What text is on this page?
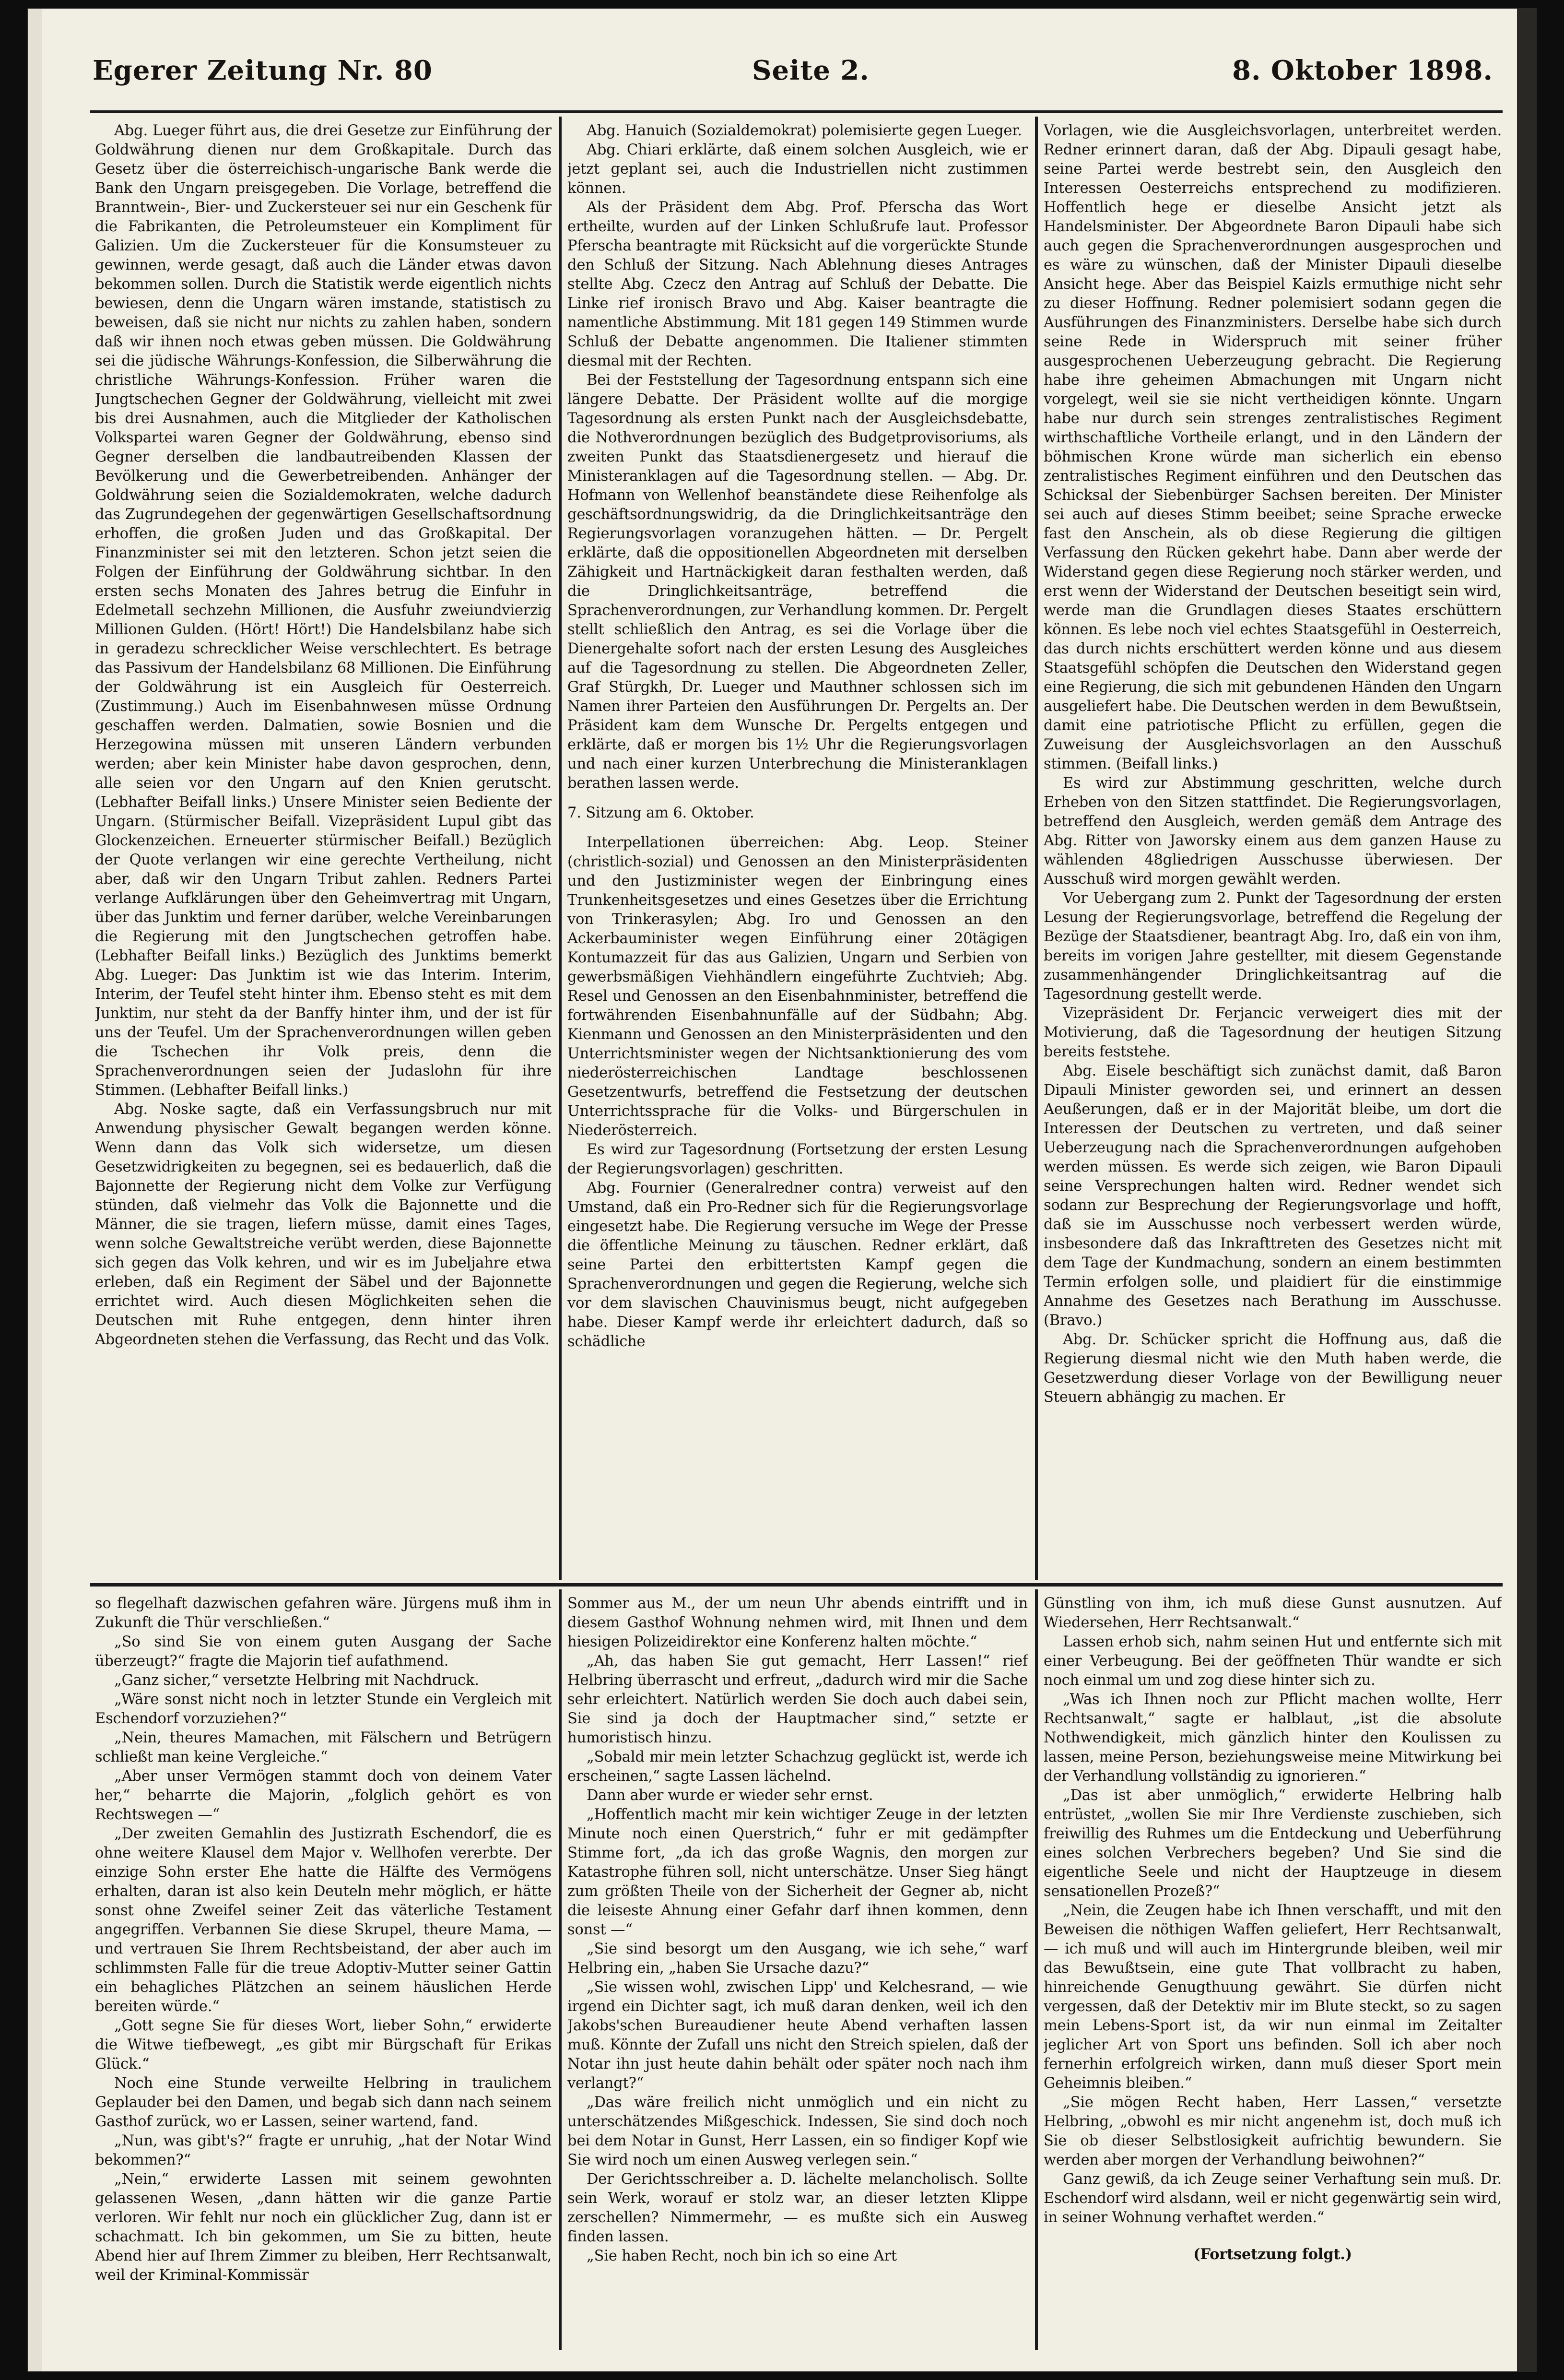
Egerer Zeitung Nr. 80	Seite 2.	8. Oktober 1898.

Abg. Lueger führt aus, die drei Gesetze zur Einführung der Goldwährung dienen nur dem Großkapitale. Durch das Gesetz über die österreichisch-ungarische Bank werde die Bank den Ungarn preisgegeben. Die Vorlage, betreffend die Branntwein-, Bier- und Zuckersteuer sei nur ein Geschenk für die Fabrikanten, die Petroleumsteuer ein Kompliment für Galizien. Um die Zuckersteuer für die Konsumsteuer zu gewinnen, werde gesagt, daß auch die Länder etwas davon bekommen sollen. Durch die Statistik werde eigentlich nichts bewiesen, denn die Ungarn wären imstande, statistisch zu beweisen, daß sie nicht nur nichts zu zahlen haben, sondern daß wir ihnen noch etwas geben müssen. Die Goldwährung sei die jüdische Währungs-Konfession, die Silberwährung die christliche Währungs-Konfession. Früher waren die Jungtschechen Gegner der Goldwährung, vielleicht mit zwei bis drei Ausnahmen, auch die Mitglieder der Katholischen Volkspartei waren Gegner der Goldwährung, ebenso sind Gegner derselben die landbautreibenden Klassen der Bevölkerung und die Gewerbetreibenden. Anhänger der Goldwährung seien die Sozialdemokraten, welche dadurch das Zugrundegehen der gegenwärtigen Gesellschaftsordnung erhoffen, die großen Juden und das Großkapital. Der Finanzminister sei mit den letzteren. Schon jetzt seien die Folgen der Einführung der Goldwährung sichtbar. In den ersten sechs Monaten des Jahres betrug die Einfuhr in Edelmetall sechzehn Millionen, die Ausfuhr zweiundvierzig Millionen Gulden. (Hört! Hört!) Die Handelsbilanz habe sich in geradezu schrecklicher Weise verschlechtert. Es betrage das Passivum der Handelsbilanz 68 Millionen. Die Einführung der Goldwährung ist ein Ausgleich für Oesterreich. (Zustimmung.) Auch im Eisenbahnwesen müsse Ordnung geschaffen werden. Dalmatien, sowie Bosnien und die Herzegowina müssen mit unseren Ländern verbunden werden; aber kein Minister habe davon gesprochen, denn, alle seien vor den Ungarn auf den Knien gerutscht. (Lebhafter Beifall links.) Unsere Minister seien Bediente der Ungarn. (Stürmischer Beifall. Vizepräsident Lupul gibt das Glockenzeichen. Erneuerter stürmischer Beifall.) Bezüglich der Quote verlangen wir eine gerechte Vertheilung, nicht aber, daß wir den Ungarn Tribut zahlen. Redners Partei verlange Aufklärungen über den Geheimvertrag mit Ungarn, über das Junktim und ferner darüber, welche Vereinbarungen die Regierung mit den Jungtschechen getroffen habe. (Lebhafter Beifall links.) Bezüglich des Junktims bemerkt Abg. Lueger: Das Junktim ist wie das Interim. Interim, Interim, der Teufel steht hinter ihm. Ebenso steht es mit dem Junktim, nur steht da der Banffy hinter ihm, und der ist für uns der Teufel. Um der Sprachenverordnungen willen geben die Tschechen ihr Volk preis, denn die Sprachenverordnungen seien der Judaslohn für ihre Stimmen. (Lebhafter Beifall links.)

Abg. Noske sagte, daß ein Verfassungsbruch nur mit Anwendung physischer Gewalt begangen werden könne. Wenn dann das Volk sich widersetze, um diesen Gesetzwidrigkeiten zu begegnen, sei es bedauerlich, daß die Bajonnette der Regierung nicht dem Volke zur Verfügung stünden, daß vielmehr das Volk die Bajonnette und die Männer, die sie tragen, liefern müsse, damit eines Tages, wenn solche Gewaltstreiche verübt werden, diese Bajonnette sich gegen das Volk kehren, und wir es im Jubeljahre etwa erleben, daß ein Regiment der Säbel und der Bajonnette errichtet wird. Auch diesen Möglichkeiten sehen die Deutschen mit Ruhe entgegen, denn hinter ihren Abgeordneten stehen die Verfassung, das Recht und das Volk.

Abg. Hanuich (Sozialdemokrat) polemisierte gegen Lueger.

Abg. Chiari erklärte, daß einem solchen Ausgleich, wie er jetzt geplant sei, auch die Industriellen nicht zustimmen können.

Als der Präsident dem Abg. Prof. Pferscha das Wort ertheilte, wurden auf der Linken Schlußrufe laut. Professor Pferscha beantragte mit Rücksicht auf die vorgerückte Stunde den Schluß der Sitzung. Nach Ablehnung dieses Antrages stellte Abg. Czecz den Antrag auf Schluß der Debatte. Die Linke rief ironisch Bravo und Abg. Kaiser beantragte die namentliche Abstimmung. Mit 181 gegen 149 Stimmen wurde Schluß der Debatte angenommen. Die Italiener stimmten diesmal mit der Rechten.

Bei der Feststellung der Tagesordnung entspann sich eine längere Debatte. Der Präsident wollte auf die morgige Tagesordnung als ersten Punkt nach der Ausgleichsdebatte, die Nothverordnungen bezüglich des Budgetprovisoriums, als zweiten Punkt das Staatsdienergesetz und hierauf die Ministeranklagen auf die Tagesordnung stellen. — Abg. Dr. Hofmann von Wellenhof beanständete diese Reihenfolge als geschäftsordnungswidrig, da die Dringlichkeitsanträge den Regierungsvorlagen voranzugehen hätten. — Dr. Pergelt erklärte, daß die oppositionellen Abgeordneten mit derselben Zähigkeit und Hartnäckigkeit daran festhalten werden, daß die Dringlichkeitsanträge, betreffend die Sprachenverordnungen, zur Verhandlung kommen. Dr. Pergelt stellt schließlich den Antrag, es sei die Vorlage über die Dienergehalte sofort nach der ersten Lesung des Ausgleiches auf die Tagesordnung zu stellen. Die Abgeordneten Zeller, Graf Stürgkh, Dr. Lueger und Mauthner schlossen sich im Namen ihrer Parteien den Ausführungen Dr. Pergelts an. Der Präsident kam dem Wunsche Dr. Pergelts entgegen und erklärte, daß er morgen bis 1½ Uhr die Regierungsvorlagen und nach einer kurzen Unterbrechung die Ministeranklagen berathen lassen werde.

7. Sitzung am 6. Oktober.

Interpellationen überreichen: Abg. Leop. Steiner (christlich-sozial) und Genossen an den Ministerpräsidenten und den Justizminister wegen der Einbringung eines Trunkenheitsgesetzes und eines Gesetzes über die Errichtung von Trinkerasylen; Abg. Iro und Genossen an den Ackerbauminister wegen Einführung einer 20tägigen Kontumazzeit für das aus Galizien, Ungarn und Serbien von gewerbsmäßigen Viehhändlern eingeführte Zuchtvieh; Abg. Resel und Genossen an den Eisenbahnminister, betreffend die fortwährenden Eisenbahnunfälle auf der Südbahn; Abg. Kienmann und Genossen an den Ministerpräsidenten und den Unterrichtsminister wegen der Nichtsanktionierung des vom niederösterreichischen Landtage beschlossenen Gesetzentwurfs, betreffend die Festsetzung der deutschen Unterrichtssprache für die Volks- und Bürgerschulen in Niederösterreich.

Es wird zur Tagesordnung (Fortsetzung der ersten Lesung der Regierungsvorlagen) geschritten.

Abg. Fournier (Generalredner contra) verweist auf den Umstand, daß ein Pro-Redner sich für die Regierungsvorlage eingesetzt habe. Die Regierung versuche im Wege der Presse die öffentliche Meinung zu täuschen. Redner erklärt, daß seine Partei den erbittertsten Kampf gegen die Sprachenverordnungen und gegen die Regierung, welche sich vor dem slavischen Chauvinismus beugt, nicht aufgegeben habe. Dieser Kampf werde ihr erleichtert dadurch, daß so schädliche

Vorlagen, wie die Ausgleichsvorlagen, unterbreitet werden. Redner erinnert daran, daß der Abg. Dipauli gesagt habe, seine Partei werde bestrebt sein, den Ausgleich den Interessen Oesterreichs entsprechend zu modifizieren. Hoffentlich hege er dieselbe Ansicht jetzt als Handelsminister. Der Abgeordnete Baron Dipauli habe sich auch gegen die Sprachenverordnungen ausgesprochen und es wäre zu wünschen, daß der Minister Dipauli dieselbe Ansicht hege. Aber das Beispiel Kaizls ermuthige nicht sehr zu dieser Hoffnung. Redner polemisiert sodann gegen die Ausführungen des Finanzministers. Derselbe habe sich durch seine Rede in Widerspruch mit seiner früher ausgesprochenen Ueberzeugung gebracht. Die Regierung habe ihre geheimen Abmachungen mit Ungarn nicht vorgelegt, weil sie sie nicht vertheidigen könnte. Ungarn habe nur durch sein strenges zentralistisches Regiment wirthschaftliche Vortheile erlangt, und in den Ländern der böhmischen Krone würde man sicherlich ein ebenso zentralistisches Regiment einführen und den Deutschen das Schicksal der Siebenbürger Sachsen bereiten. Der Minister sei auch auf dieses Stimm beeibet; seine Sprache erwecke fast den Anschein, als ob diese Regierung die giltigen Verfassung den Rücken gekehrt habe. Dann aber werde der Widerstand gegen diese Regierung noch stärker werden, und erst wenn der Widerstand der Deutschen beseitigt sein wird, werde man die Grundlagen dieses Staates erschüttern können. Es lebe noch viel echtes Staatsgefühl in Oesterreich, das durch nichts erschüttert werden könne und aus diesem Staatsgefühl schöpfen die Deutschen den Widerstand gegen eine Regierung, die sich mit gebundenen Händen den Ungarn ausgeliefert habe. Die Deutschen werden in dem Bewußtsein, damit eine patriotische Pflicht zu erfüllen, gegen die Zuweisung der Ausgleichsvorlagen an den Ausschuß stimmen. (Beifall links.)

Es wird zur Abstimmung geschritten, welche durch Erheben von den Sitzen stattfindet. Die Regierungsvorlagen, betreffend den Ausgleich, werden gemäß dem Antrage des Abg. Ritter von Jaworsky einem aus dem ganzen Hause zu wählenden 48gliedrigen Ausschusse überwiesen. Der Ausschuß wird morgen gewählt werden.

Vor Uebergang zum 2. Punkt der Tagesordnung der ersten Lesung der Regierungsvorlage, betreffend die Regelung der Bezüge der Staatsdiener, beantragt Abg. Iro, daß ein von ihm, bereits im vorigen Jahre gestellter, mit diesem Gegenstande zusammenhängender Dringlichkeitsantrag auf die Tagesordnung gestellt werde.

Vizepräsident Dr. Ferjancic verweigert dies mit der Motivierung, daß die Tagesordnung der heutigen Sitzung bereits feststehe.

Abg. Eisele beschäftigt sich zunächst damit, daß Baron Dipauli Minister geworden sei, und erinnert an dessen Aeußerungen, daß er in der Majorität bleibe, um dort die Interessen der Deutschen zu vertreten, und daß seiner Ueberzeugung nach die Sprachenverordnungen aufgehoben werden müssen. Es werde sich zeigen, wie Baron Dipauli seine Versprechungen halten wird. Redner wendet sich sodann zur Besprechung der Regierungsvorlage und hofft, daß sie im Ausschusse noch verbessert werden würde, insbesondere daß das Inkrafttreten des Gesetzes nicht mit dem Tage der Kundmachung, sondern an einem bestimmten Termin erfolgen solle, und plaidiert für die einstimmige Annahme des Gesetzes nach Berathung im Ausschusse. (Bravo.)

Abg. Dr. Schücker spricht die Hoffnung aus, daß die Regierung diesmal nicht wie den Muth haben werde, die Gesetzwerdung dieser Vorlage von der Bewilligung neuer Steuern abhängig zu machen. Er

so flegelhaft dazwischen gefahren wäre. Jürgens muß ihm in Zukunft die Thür verschließen.“

„So sind Sie von einem guten Ausgang der Sache überzeugt?“ fragte die Majorin tief aufathmend.

„Ganz sicher,“ versetzte Helbring mit Nachdruck.

„Wäre sonst nicht noch in letzter Stunde ein Vergleich mit Eschendorf vorzuziehen?“

„Nein, theures Mamachen, mit Fälschern und Betrügern schließt man keine Vergleiche.“

„Aber unser Vermögen stammt doch von deinem Vater her,“ beharrte die Majorin, „folglich gehört es von Rechtswegen —“

„Der zweiten Gemahlin des Justizrath Eschendorf, die es ohne weitere Klausel dem Major v. Wellhofen vererbte. Der einzige Sohn erster Ehe hatte die Hälfte des Vermögens erhalten, daran ist also kein Deuteln mehr möglich, er hätte sonst ohne Zweifel seiner Zeit das väterliche Testament angegriffen. Verbannen Sie diese Skrupel, theure Mama, — und vertrauen Sie Ihrem Rechtsbeistand, der aber auch im schlimmsten Falle für die treue Adoptiv-Mutter seiner Gattin ein behagliches Plätzchen an seinem häuslichen Herde bereiten würde.“

„Gott segne Sie für dieses Wort, lieber Sohn,“ erwiderte die Witwe tiefbewegt, „es gibt mir Bürgschaft für Erikas Glück.“

Noch eine Stunde verweilte Helbring in traulichem Geplauder bei den Damen, und begab sich dann nach seinem Gasthof zurück, wo er Lassen, seiner wartend, fand.

„Nun, was gibt's?“ fragte er unruhig, „hat der Notar Wind bekommen?“

„Nein,“ erwiderte Lassen mit seinem gewohnten gelassenen Wesen, „dann hätten wir die ganze Partie verloren. Wir fehlt nur noch ein glücklicher Zug, dann ist er schachmatt. Ich bin gekommen, um Sie zu bitten, heute Abend hier auf Ihrem Zimmer zu bleiben, Herr Rechtsanwalt, weil der Kriminal-Kommissär

Sommer aus M., der um neun Uhr abends eintrifft und in diesem Gasthof Wohnung nehmen wird, mit Ihnen und dem hiesigen Polizeidirektor eine Konferenz halten möchte.“

„Ah, das haben Sie gut gemacht, Herr Lassen!“ rief Helbring überrascht und erfreut, „dadurch wird mir die Sache sehr erleichtert. Natürlich werden Sie doch auch dabei sein, Sie sind ja doch der Hauptmacher sind,“ setzte er humoristisch hinzu.

„Sobald mir mein letzter Schachzug geglückt ist, werde ich erscheinen,“ sagte Lassen lächelnd.

Dann aber wurde er wieder sehr ernst.

„Hoffentlich macht mir kein wichtiger Zeuge in der letzten Minute noch einen Querstrich,“ fuhr er mit gedämpfter Stimme fort, „da ich das große Wagnis, den morgen zur Katastrophe führen soll, nicht unterschätze. Unser Sieg hängt zum größten Theile von der Sicherheit der Gegner ab, nicht die leiseste Ahnung einer Gefahr darf ihnen kommen, denn sonst —“

„Sie sind besorgt um den Ausgang, wie ich sehe,“ warf Helbring ein, „haben Sie Ursache dazu?“

„Sie wissen wohl, zwischen Lipp' und Kelchesrand, — wie irgend ein Dichter sagt, ich muß daran denken, weil ich den Jakobs'schen Bureaudiener heute Abend verhaften lassen muß. Könnte der Zufall uns nicht den Streich spielen, daß der Notar ihn just heute dahin behält oder später noch nach ihm verlangt?“

„Das wäre freilich nicht unmöglich und ein nicht zu unterschätzendes Mißgeschick. Indessen, Sie sind doch noch bei dem Notar in Gunst, Herr Lassen, ein so findiger Kopf wie Sie wird noch um einen Ausweg verlegen sein.“

Der Gerichtsschreiber a. D. lächelte melancholisch. Sollte sein Werk, worauf er stolz war, an dieser letzten Klippe zerschellen? Nimmermehr, — es mußte sich ein Ausweg finden lassen.

„Sie haben Recht, noch bin ich so eine Art

Günstling von ihm, ich muß diese Gunst ausnutzen. Auf Wiedersehen, Herr Rechtsanwalt.“

Lassen erhob sich, nahm seinen Hut und entfernte sich mit einer Verbeugung. Bei der geöffneten Thür wandte er sich noch einmal um und zog diese hinter sich zu.

„Was ich Ihnen noch zur Pflicht machen wollte, Herr Rechtsanwalt,“ sagte er halblaut, „ist die absolute Nothwendigkeit, mich gänzlich hinter den Koulissen zu lassen, meine Person, beziehungsweise meine Mitwirkung bei der Verhandlung vollständig zu ignorieren.“

„Das ist aber unmöglich,“ erwiderte Helbring halb entrüstet, „wollen Sie mir Ihre Verdienste zuschieben, sich freiwillig des Ruhmes um die Entdeckung und Ueberführung eines solchen Verbrechers begeben? Und Sie sind die eigentliche Seele und nicht der Hauptzeuge in diesem sensationellen Prozeß?“

„Nein, die Zeugen habe ich Ihnen verschafft, und mit den Beweisen die nöthigen Waffen geliefert, Herr Rechtsanwalt, — ich muß und will auch im Hintergrunde bleiben, weil mir das Bewußtsein, eine gute That vollbracht zu haben, hinreichende Genugthuung gewährt. Sie dürfen nicht vergessen, daß der Detektiv mir im Blute steckt, so zu sagen mein Lebens-Sport ist, da wir nun einmal im Zeitalter jeglicher Art von Sport uns befinden. Soll ich aber noch fernerhin erfolgreich wirken, dann muß dieser Sport mein Geheimnis bleiben.“

„Sie mögen Recht haben, Herr Lassen,“ versetzte Helbring, „obwohl es mir nicht angenehm ist, doch muß ich Sie ob dieser Selbstlosigkeit aufrichtig bewundern. Sie werden aber morgen der Verhandlung beiwohnen?“

Ganz gewiß, da ich Zeuge seiner Verhaftung sein muß. Dr. Eschendorf wird alsdann, weil er nicht gegenwärtig sein wird, in seiner Wohnung verhaftet werden.“

(Fortsetzung folgt.)
